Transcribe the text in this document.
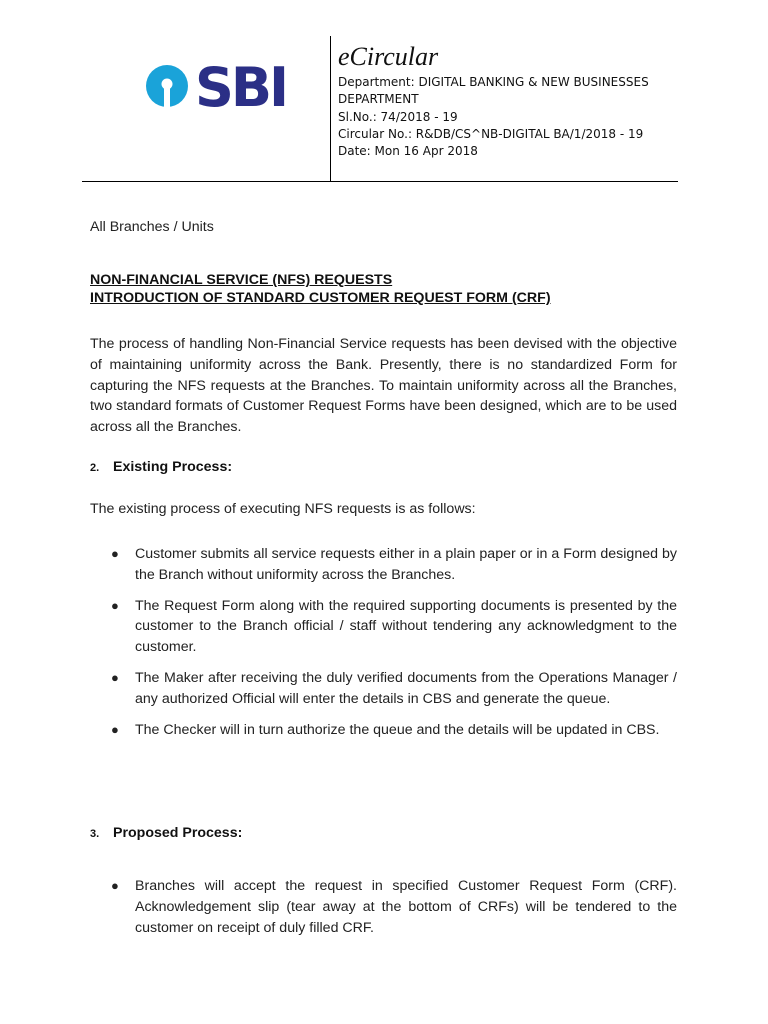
SBI eCircular
Department: DIGITAL BANKING & NEW BUSINESSES
DEPARTMENT
Sl.No.: 74/2018 - 19
Circular No.: R&DB/CS^NB-DIGITAL BA/1/2018 - 19
Date: Mon 16 Apr 2018
All Branches / Units
NON-FINANCIAL SERVICE (NFS) REQUESTS
INTRODUCTION OF STANDARD CUSTOMER REQUEST FORM (CRF)
The process of handling Non-Financial Service requests has been devised with the objective of maintaining uniformity across the Bank. Presently, there is no standardized Form for capturing the NFS requests at the Branches. To maintain uniformity across all the Branches, two standard formats of Customer Request Forms have been designed, which are to be used across all the Branches.
2. Existing Process:
The existing process of executing NFS requests is as follows:
● Customer submits all service requests either in a plain paper or in a Form designed by the Branch without uniformity across the Branches.
● The Request Form along with the required supporting documents is presented by the customer to the Branch official / staff without tendering any acknowledgment to the customer.
● The Maker after receiving the duly verified documents from the Operations Manager / any authorized Official will enter the details in CBS and generate the queue.
● The Checker will in turn authorize the queue and the details will be updated in CBS.
3. Proposed Process:
● Branches will accept the request in specified Customer Request Form (CRF). Acknowledgement slip (tear away at the bottom of CRFs) will be tendered to the customer on receipt of duly filled CRF.
